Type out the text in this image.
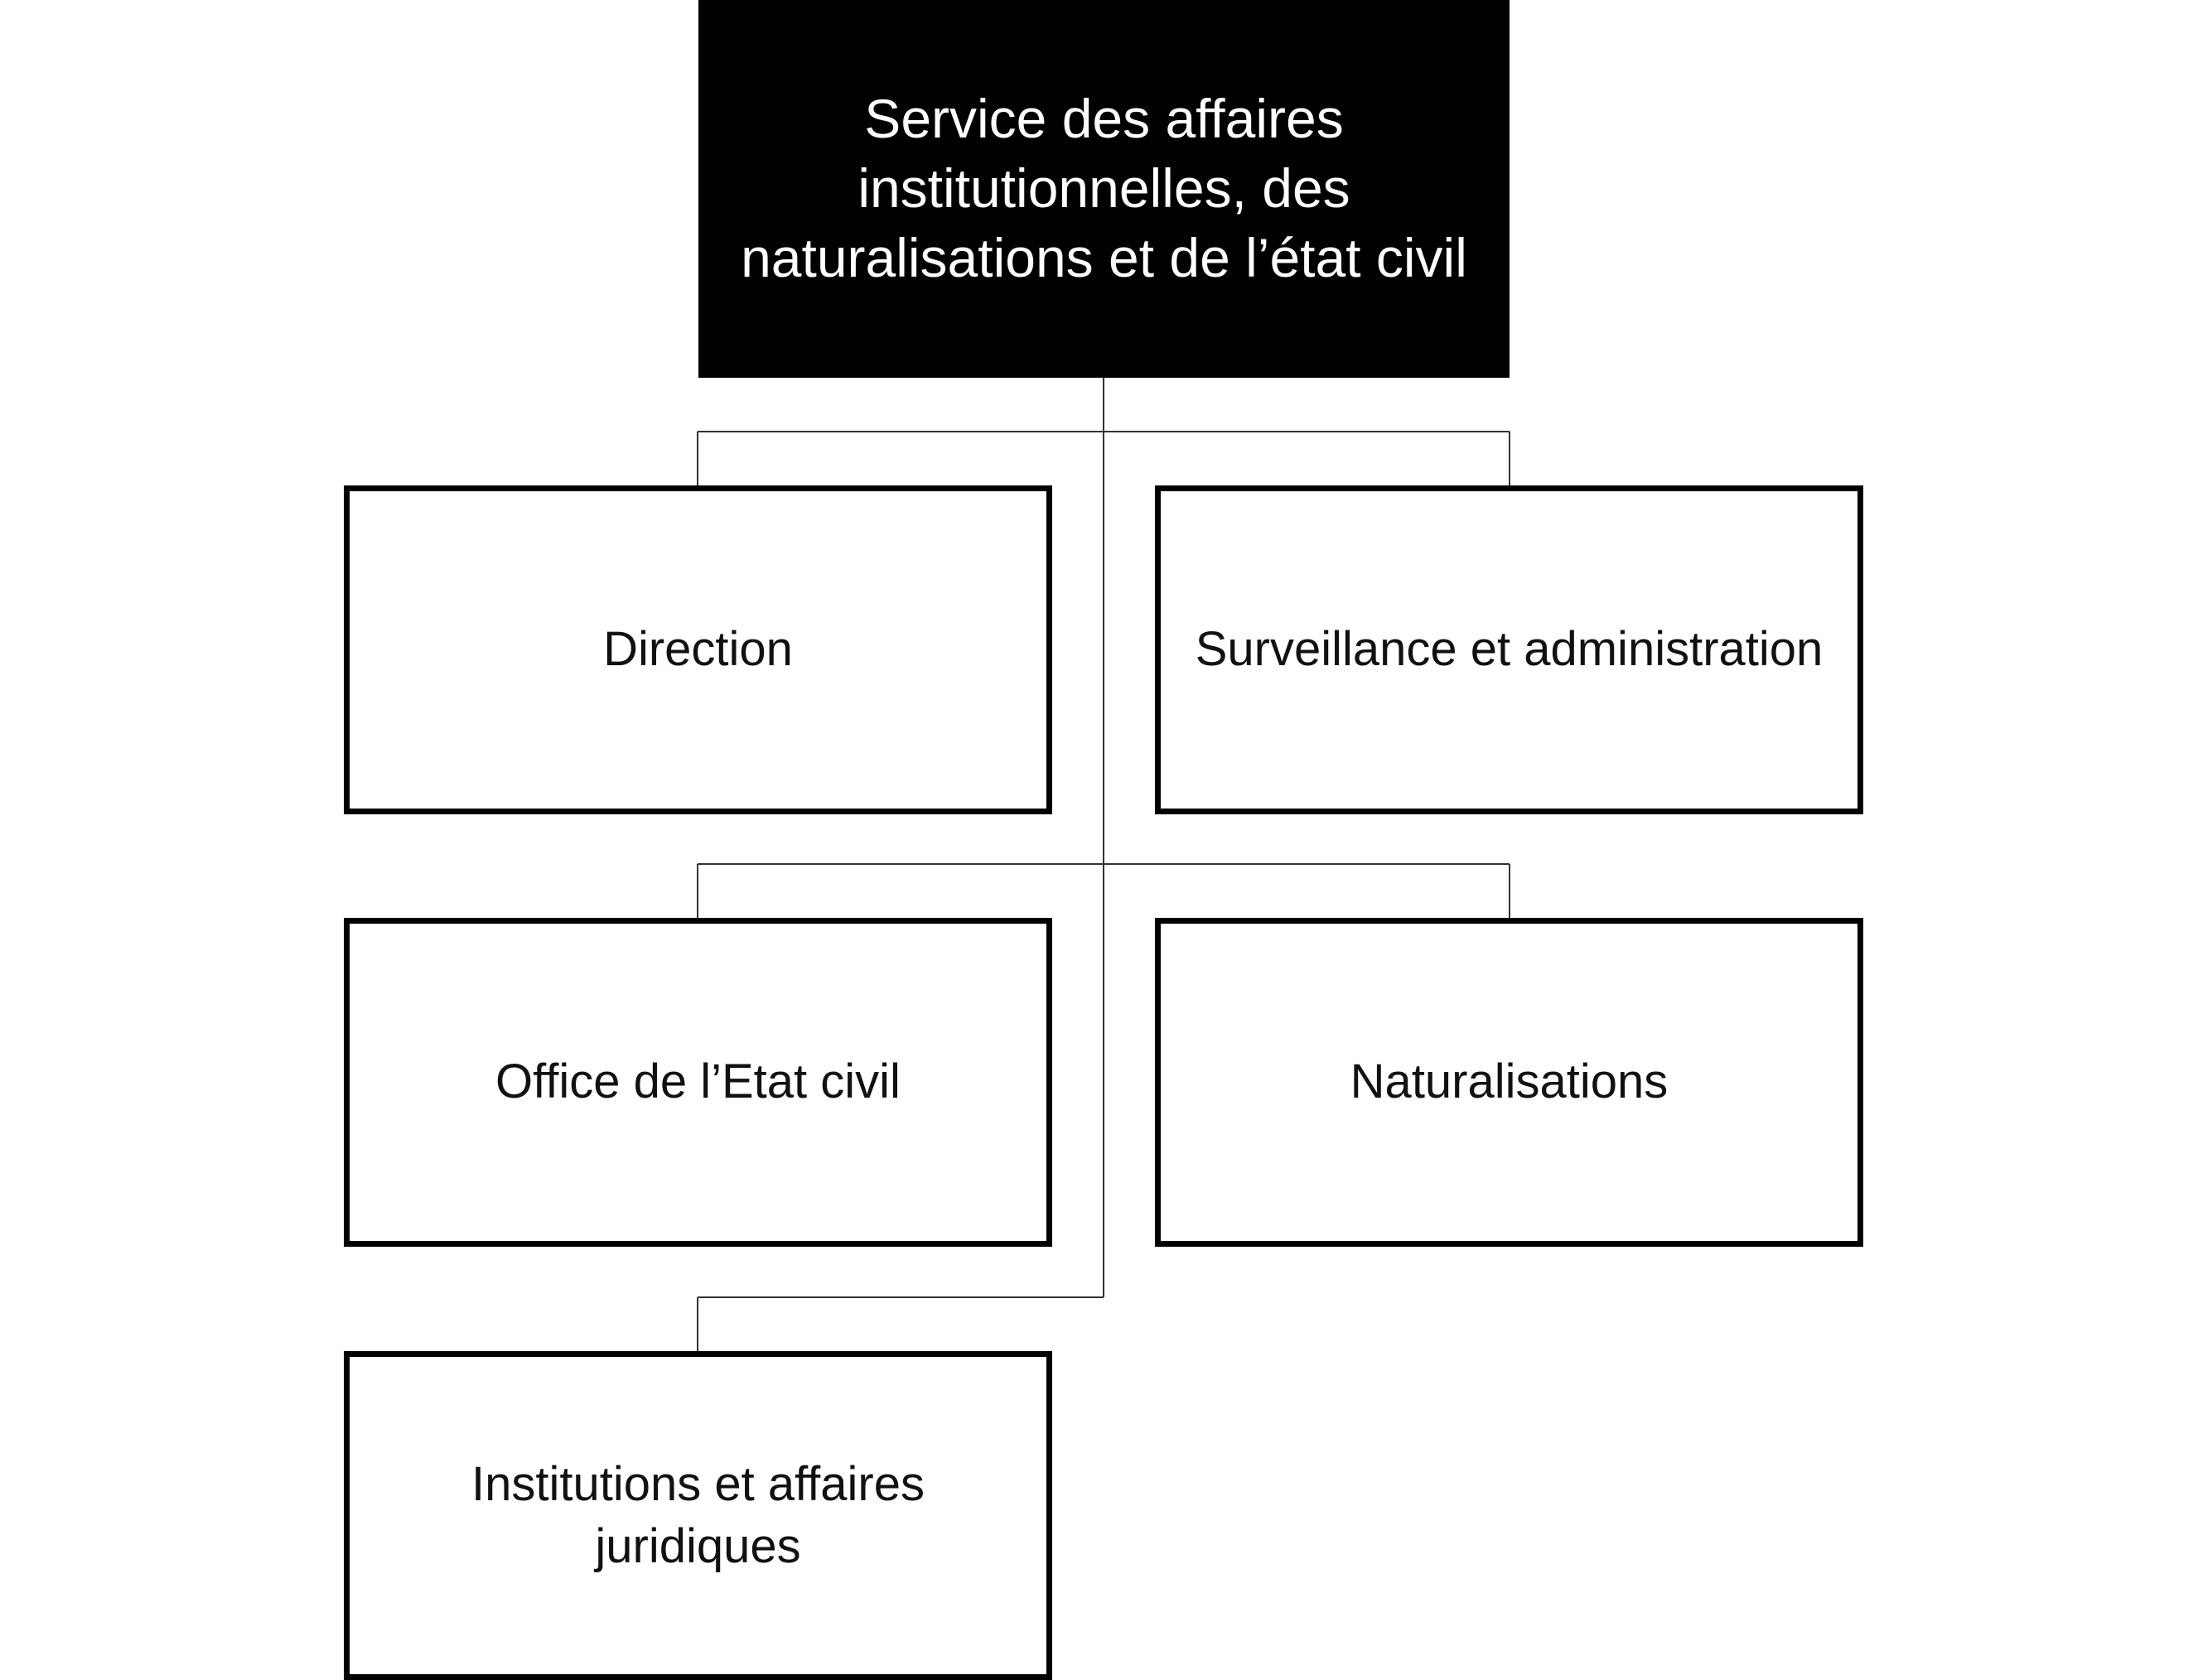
Service des affaires institutionnelles, des naturalisations et de l’état civil
Direction	Surveillance et administration
Office de l’Etat civil	Naturalisations
Institutions et affaires juridiques
